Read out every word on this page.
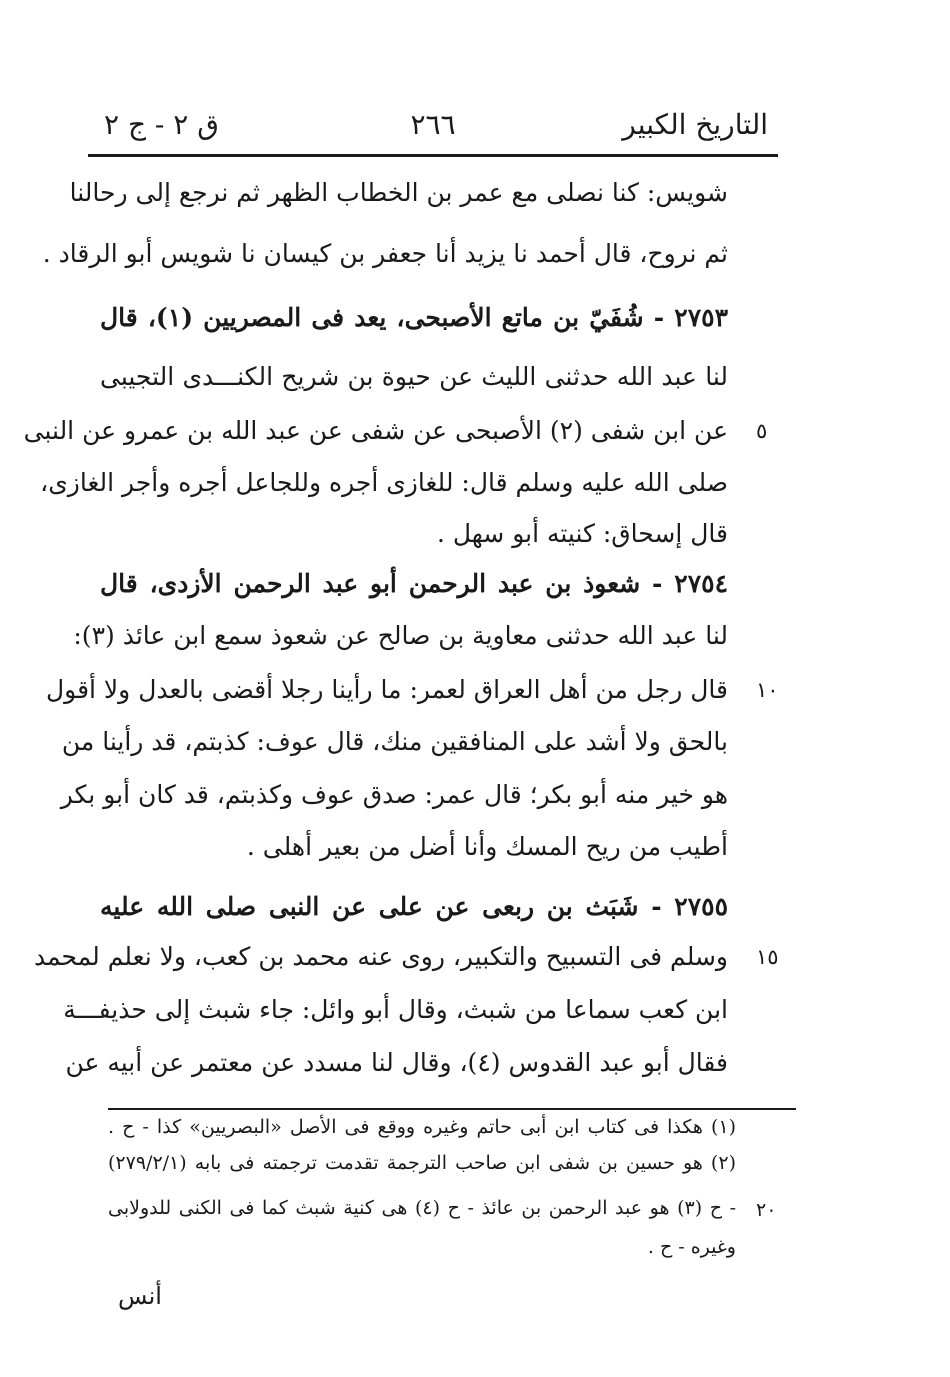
التاريخ الكبير
٢٦٦
ق ٢ - ج ٢
شويس: كنا نصلى مع عمر بن الخطاب الظهر ثم نرجع إلى رحالنا
ثم نروح، قال أحمد نا يزيد أنا جعفر بن كيسان نا شويس أبو الرقاد .
٢٧٥٣ - شُفَيّ بن ماتع الأصبحى، يعد فى المصريين (١)، قال
لنا عبد الله حدثنى الليث عن حيوة بن شريح الكنـــدى التجيبى
عن ابن شفى (٢) الأصبحى عن شفى عن عبد الله بن عمرو عن النبى ٥
صلى الله عليه وسلم قال: للغازى أجره وللجاعل أجره وأجر الغازى،
قال إسحاق: كنيته أبو سهل .
٢٧٥٤ - شعوذ بن عبد الرحمن أبو عبد الرحمن الأزدى، قال
لنا عبد الله حدثنى معاوية بن صالح عن شعوذ سمع ابن عائذ (٣):
قال رجل من أهل العراق لعمر: ما رأينا رجلا أقضى بالعدل ولا أقول ١٠
بالحق ولا أشد على المنافقين منك، قال عوف: كذبتم، قد رأينا من
هو خير منه أبو بكر؛ قال عمر: صدق عوف وكذبتم، قد كان أبو بكر
أطيب من ريح المسك وأنا أضل من بعير أهلى .
٢٧٥٥ - شَبَث بن ربعى عن على عن النبى صلى الله عليه
وسلم فى التسبيح والتكبير، روى عنه محمد بن كعب، ولا نعلم لمحمد ١٥
ابن كعب سماعا من شبث، وقال أبو وائل: جاء شبث إلى حذيفـــة
فقال أبو عبد القدوس (٤)، وقال لنا مسدد عن معتمر عن أبيه عن
(١) هكذا فى كتاب ابن أبى حاتم وغيره ووقع فى الأصل «البصريين» كذا - ح .
(٢) هو حسين بن شفى ابن صاحب الترجمة تقدمت ترجمته فى بابه (٢٧٩/٢/١)
- ح (٣) هو عبد الرحمن بن عائذ - ح (٤) هى كنية شبث كما فى الكنى للدولابى ٢٠
وغيره - ح .
أنس
